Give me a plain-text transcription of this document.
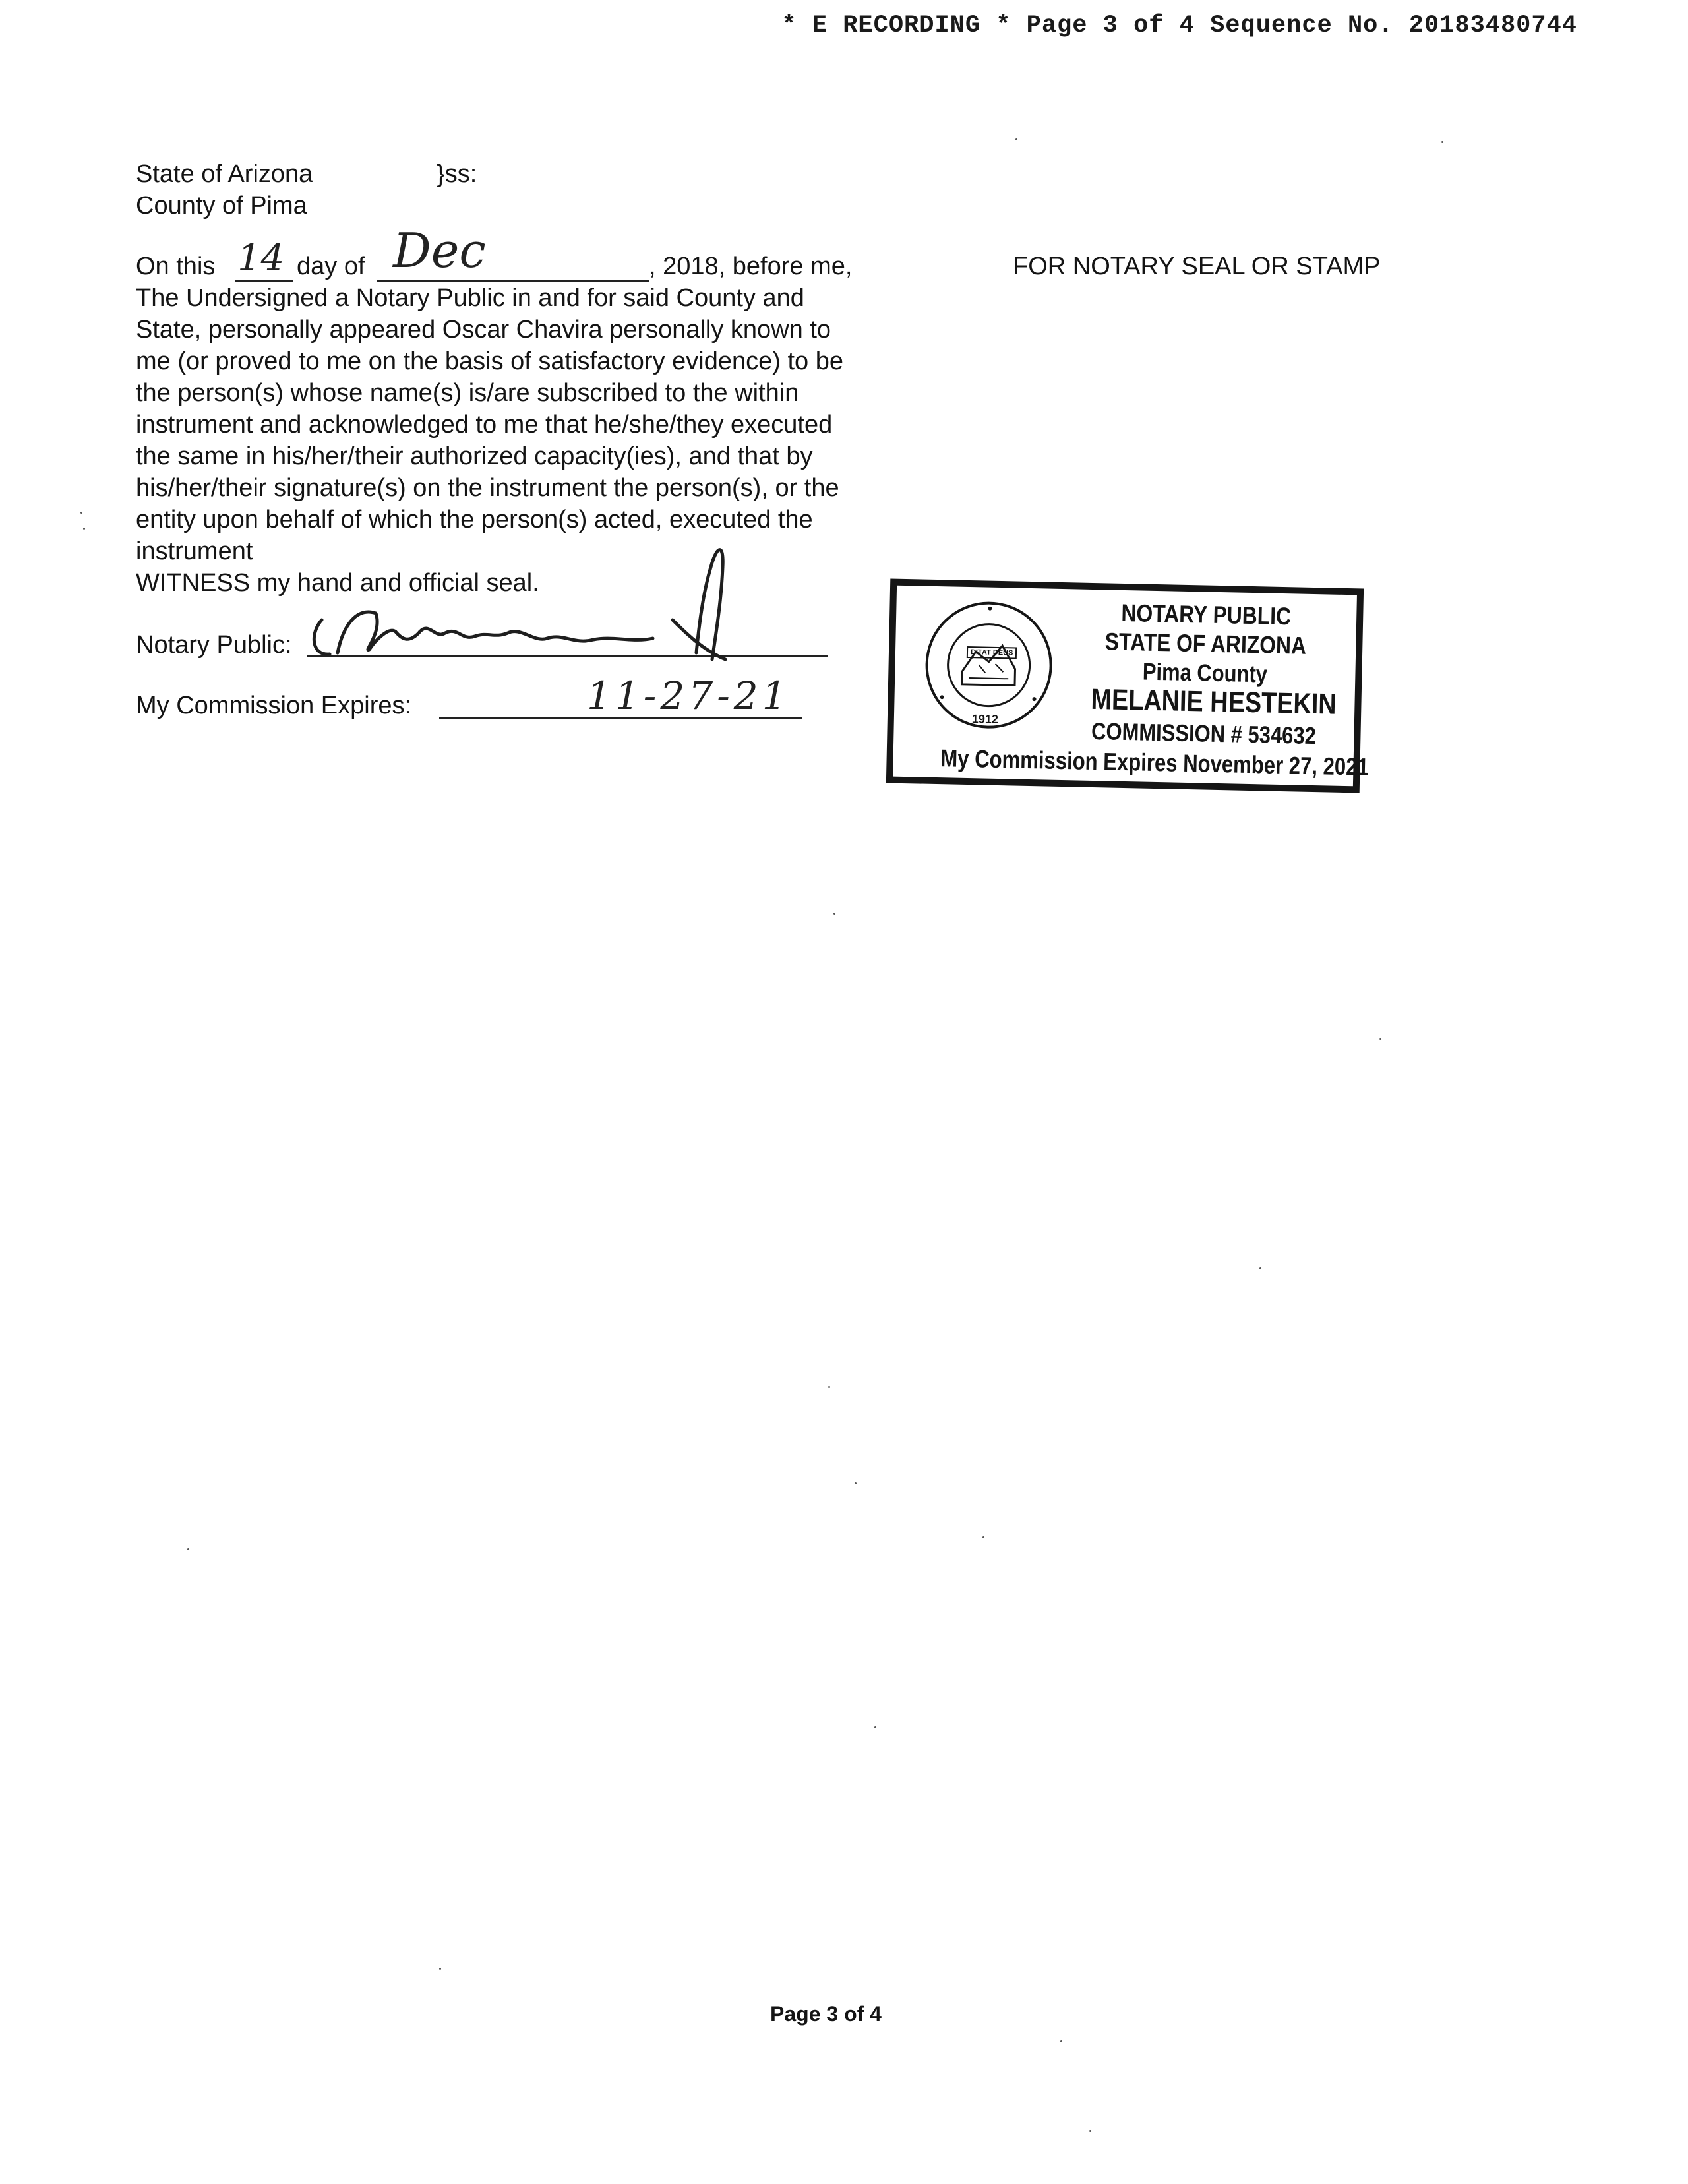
* E RECORDING * Page 3 of 4 Sequence No. 20183480744
State of Arizona	}ss:
County of Pima
On this 14 day of Dec	, 2018, before me,
The Undersigned a Notary Public in and for said County and
State, personally appeared Oscar Chavira personally known to
me (or proved to me on the basis of satisfactory evidence) to be
the person(s) whose name(s) is/are subscribed to the within
instrument and acknowledged to me that he/she/they executed
the same in his/her/their authorized capacity(ies), and that by
his/her/their signature(s) on the instrument the person(s), or the
entity upon behalf of which the person(s) acted, executed the
instrument
WITNESS my hand and official seal.
Notary Public:
My Commission Expires:	11-27-21
FOR NOTARY SEAL OR STAMP
DITAT DEUS
1912
NOTARY PUBLIC
STATE OF ARIZONA
Pima County
MELANIE HESTEKIN
COMMISSION # 534632
My Commission Expires November 27, 2021
Page 3 of 4
